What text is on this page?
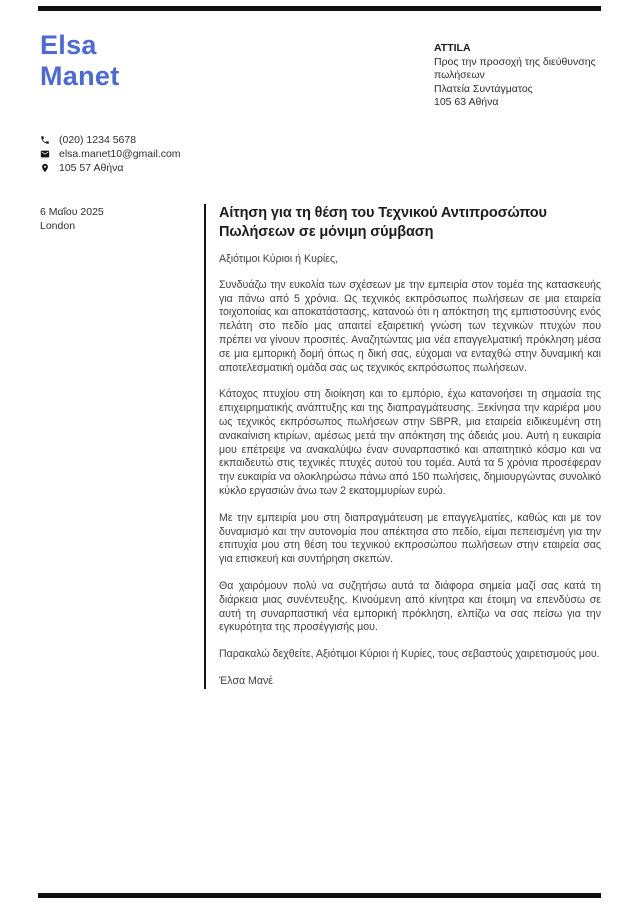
Elsa
Manet
ATTILA
Προς την προσοχή της διεύθυνσης
πωλήσεων
Πλατεία Συντάγματος
105 63 Αθήνα
(020) 1234 5678
elsa.manet10@gmail.com
105 57 Αθήνα
6 Μαΐου 2025
London

Αίτηση για τη θέση του Τεχνικού Αντιπροσώπου Πωλήσεων σε μόνιμη σύμβαση

Αξιότιμοι Κύριοι ή Κυρίες,

Συνδυάζω την ευκολία των σχέσεων με την εμπειρία στον τομέα της κατασκευής για πάνω από 5 χρόνια. Ως τεχνικός εκπρόσωπος πωλήσεων σε μια εταιρεία τοιχοποιίας και αποκατάστασης, κατανοώ ότι η απόκτηση της εμπιστοσύνης ενός πελάτη στο πεδίο μας απαιτεί εξαιρετική γνώση των τεχνικών πτυχών που πρέπει να γίνουν προσιτές. Αναζητώντας μια νέα επαγγελματική πρόκληση μέσα σε μια εμπορική δομή όπως η δική σας, εύχομαι να ενταχθώ στην δυναμική και αποτελεσματική ομάδα σας ως τεχνικός εκπρόσωπος πωλήσεων.

Κάτοχος πτυχίου στη διοίκηση και το εμπόριο, έχω κατανοήσει τη σημασία της επιχειρηματικής ανάπτυξης και της διαπραγμάτευσης. Ξεκίνησα την καριέρα μου ως τεχνικός εκπρόσωπος πωλήσεων στην SBPR, μια εταιρεία ειδικευμένη στη ανακαίνιση κτιρίων, αμέσως μετά την απόκτηση της άδειάς μου. Αυτή η ευκαιρία μου επέτρεψε να ανακαλύψω έναν συναρπαστικό και απαιτητικό κόσμο και να εκπαιδευτώ στις τεχνικές πτυχές αυτού του τομέα. Αυτά τα 5 χρόνια προσέφεραν την ευκαιρία να ολοκληρώσω πάνω από 150 πωλήσεις, δημιουργώντας συνολικό κύκλο εργασιών άνω των 2 εκατομμυρίων ευρώ.

Με την εμπειρία μου στη διαπραγμάτευση με επαγγελματίες, καθώς και με τον δυναμισμό και την αυτονομία που απέκτησα στο πεδίο, είμαι πεπεισμένη για την επιτυχία μου στη θέση του τεχνικού εκπροσώπου πωλήσεων στην εταιρεία σας για επισκευή και συντήρηση σκεπών.

Θα χαιρόμουν πολύ να συζητήσω αυτά τα διάφορα σημεία μαζί σας κατά τη διάρκεια μιας συνέντευξης. Κινούμενη από κίνητρα και έτοιμη να επενδύσω σε αυτή τη συναρπαστική νέα εμπορική πρόκληση, ελπίζω να σας πείσω για την εγκυρότητα της προσέγγισής μου.

Παρακαλώ δεχθείτε, Αξιότιμοι Κύριοι ή Κυρίες, τους σεβαστούς χαιρετισμούς μου.

Έλσα Μανέ
